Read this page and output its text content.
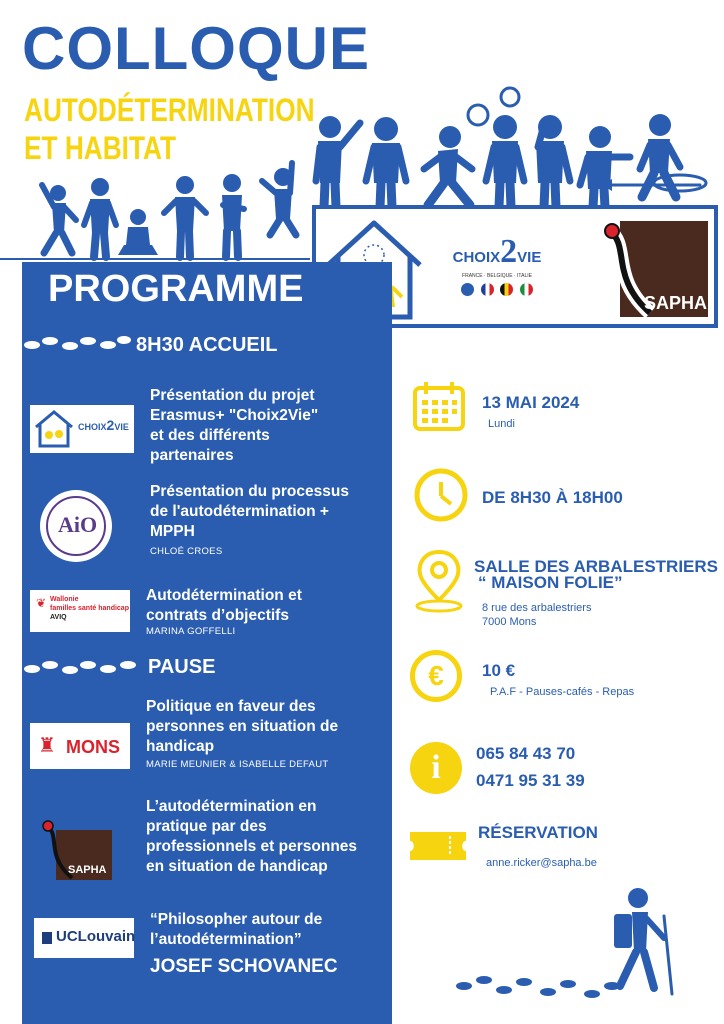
COLLOQUE
AUTODÉTERMINATION
ET HABITAT
CHOIX2VIE
FRANCE · BELGIQUE · ITALIE

SAPHA
PROGRAMME
8H30 ACCUEIL
CHOIX2VIE
Présentation du projet
Erasmus+ "Choix2Vie"
et des différents
partenaires
AiO
Présentation du processus
de l'autodétermination +
MPPH
CHLOÉ CROES
❦ Wallonie
familles santé handicap
AVIQ
Autodétermination et
contrats d’objectifs
MARINA GOFFELLI
PAUSE
♜ MONS
Politique en faveur des
personnes en situation de
handicap
MARIE MEUNIER & ISABELLE DEFAUT
SAPHA
L’autodétermination en
pratique par des
professionnels et personnes
en situation de handicap
UCLouvain
“Philosopher autour de
l’autodétermination”
JOSEF SCHOVANEC
13 MAI 2024
Lundi
DE 8H30 À 18H00
SALLE DES ARBALESTRIERS
“ MAISON FOLIE”
8 rue des arbalestriers
7000 Mons
€	10 €
P.A.F - Pauses-cafés - Repas
i	065 84 43 70
0471 95 31 39
RÉSERVATION
anne.ricker@sapha.be
